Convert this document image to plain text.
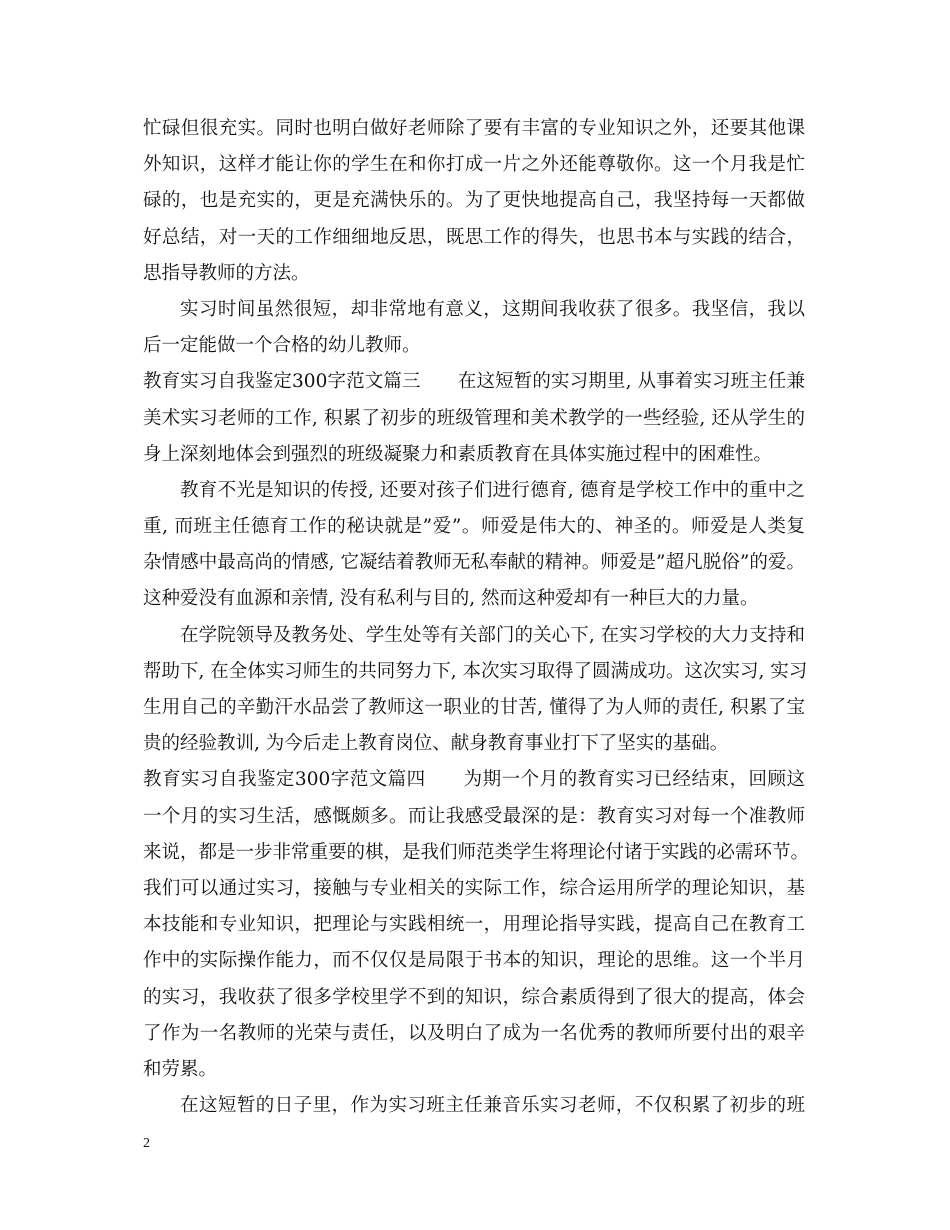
忙碌但很充实。同时也明白做好老师除了要有丰富的专业知识之外，还要其他课
外知识，这样才能让你的学生在和你打成一片之外还能尊敬你。这一个月我是忙
碌的，也是充实的，更是充满快乐的。为了更快地提高自己，我坚持每一天都做
好总结，对一天的工作细细地反思，既思工作的得失，也思书本与实践的结合，
思指导教师的方法。
实习时间虽然很短，却非常地有意义，这期间我收获了很多。我坚信，我以
后一定能做一个合格的幼儿教师。
教育实习自我鉴定300字范文篇三　　在这短暂的实习期里, 从事着实习班主任兼
美术实习老师的工作, 积累了初步的班级管理和美术教学的一些经验, 还从学生的
身上深刻地体会到强烈的班级凝聚力和素质教育在具体实施过程中的困难性。
教育不光是知识的传授, 还要对孩子们进行德育, 德育是学校工作中的重中之
重, 而班主任德育工作的秘诀就是”爱”。师爱是伟大的、神圣的。师爱是人类复
杂情感中最高尚的情感, 它凝结着教师无私奉献的精神。师爱是”超凡脱俗”的爱。
这种爱没有血源和亲情, 没有私利与目的, 然而这种爱却有一种巨大的力量。
在学院领导及教务处、学生处等有关部门的关心下, 在实习学校的大力支持和
帮助下, 在全体实习师生的共同努力下, 本次实习取得了圆满成功。这次实习, 实习
生用自己的辛勤汗水品尝了教师这一职业的甘苦, 懂得了为人师的责任, 积累了宝
贵的经验教训, 为今后走上教育岗位、献身教育事业打下了坚实的基础。
教育实习自我鉴定300字范文篇四　　为期一个月的教育实习已经结束，回顾这
一个月的实习生活，感慨颇多。而让我感受最深的是：教育实习对每一个准教师
来说，都是一步非常重要的棋，是我们师范类学生将理论付诸于实践的必需环节。
我们可以通过实习，接触与专业相关的实际工作，综合运用所学的理论知识，基
本技能和专业知识，把理论与实践相统一，用理论指导实践，提高自己在教育工
作中的实际操作能力，而不仅仅是局限于书本的知识，理论的思维。这一个半月
的实习，我收获了很多学校里学不到的知识，综合素质得到了很大的提高，体会
了作为一名教师的光荣与责任，以及明白了成为一名优秀的教师所要付出的艰辛
和劳累。
在这短暂的日子里，作为实习班主任兼音乐实习老师，不仅积累了初步的班
2
